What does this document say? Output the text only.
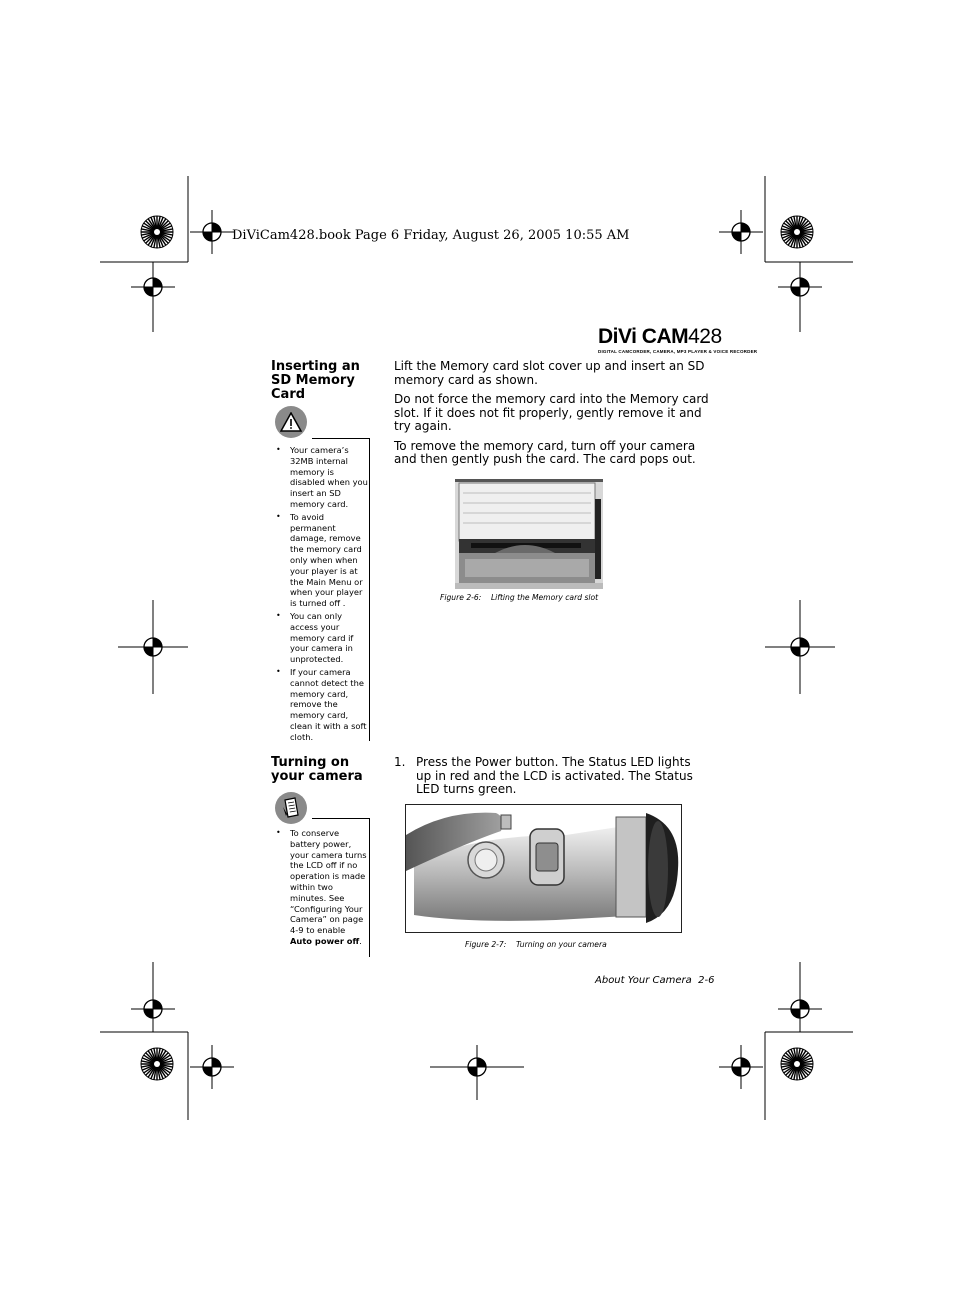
DiViCam428.book Page 6 Friday, August 26, 2005 10:55 AM
DiVi CAM428
DIGITAL CAMCORDER, CAMERA, MP3 PLAYER & VOICE RECORDER
Inserting an SD Memory Card
• Your camera’s 32MB internal memory is disabled when you insert an SD memory card.
• To avoid permanent damage, remove the memory card only when when your player is at the Main Menu or when your player is turned off .
• You can only access your memory card if your camera in unprotected.
• If your camera cannot detect the memory card, remove the memory card, clean it with a soft cloth.

Lift the Memory card slot cover up and insert an SD memory card as shown.

Do not force the memory card into the Memory card slot. If it does not fit properly, gently remove it and try again.

To remove the memory card, turn off your camera and then gently push the card. The card pops out.

Figure 2-6: Lifting the Memory card slot
Turning on your camera
• To conserve battery power, your camera turns the LCD off if no operation is made within two minutes. See “Configuring Your Camera” on page 4-9 to enable Auto power off.
1. Press the Power button. The Status LED lights up in red and the LCD is activated. The Status LED turns green.
Figure 2-7: Turning on your camera
About Your Camera  2-6
